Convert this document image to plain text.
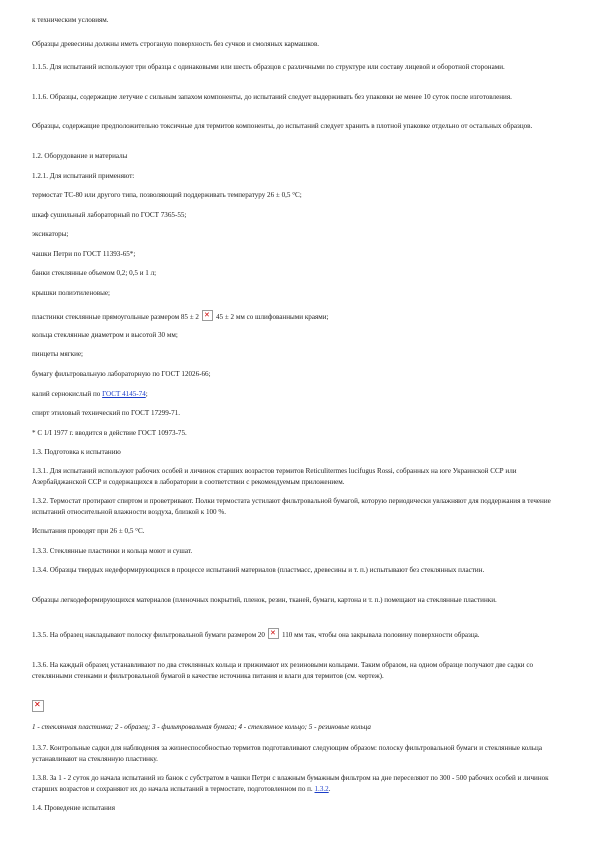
к техническим условиям.

Образцы древесины должны иметь строганую поверхность без сучков и смоляных кармашков.

1.1.5. Для испытаний используют три образца с одинаковыми или шесть образцов с различными по структуре или составу лицевой и оборотной сторонами.

1.1.6. Образцы, содержащие летучие с сильным запахом компоненты, до испытаний следует выдерживать без упаковки не менее 10 суток после изготовления.

Образцы, содержащие предположительно токсичные для термитов компоненты, до испытаний следует хранить в плотной упаковке отдельно от остальных образцов.

1.2. Оборудование и материалы

1.2.1. Для испытаний применяют:

термостат ТС-80 или другого типа, позволяющий поддерживать температуру 26 ± 0,5 °С;

шкаф сушильный лабораторный по ГОСТ 7365-55;

эксикаторы;

чашки Петри по ГОСТ 11393-65*;

банки стеклянные объемом 0,2; 0,5 и 1 л;

крышки полиэтиленовые;

пластинки стеклянные прямоугольные размером 85 ± 2 ✕ 45 ± 2 мм со шлифованными краями;

кольца стеклянные диаметром и высотой 30 мм;

пинцеты мягкие;

бумагу фильтровальную лабораторную по ГОСТ 12026-66;

калий сернокислый по ГОСТ 4145-74;

спирт этиловый технический по ГОСТ 17299-71.

* С 1/I 1977 г. вводится в действие ГОСТ 10973-75.

1.3. Подготовка к испытанию

1.3.1. Для испытаний используют рабочих особей и личинок старших возрастов термитов Reticulitermes lucifugus Rossi, собранных на юге Украинской ССР или Азербайджанской ССР и содержащихся в лаборатории в соответствии с рекомендуемым приложением.

1.3.2. Термостат протирают спиртом и проветривают. Полки термостата устилают фильтровальной бумагой, которую периодически увлажняют для поддержания в течение испытаний относительной влажности воздуха, близкой к 100 %.

Испытания проводят при 26 ± 0,5 °С.

1.3.3. Стеклянные пластинки и кольца моют и сушат.

1.3.4. Образцы твердых недеформирующихся в процессе испытаний материалов (пластмасс, древесины и т. п.) испытывают без стеклянных пластин.

Образцы легкодеформирующихся материалов (пленочных покрытий, пленок, резин, тканей, бумаги, картона и т. п.) помещают на стеклянные пластинки.

1.3.5. На образец накладывают полоску фильтровальной бумаги размером 20 ✕ 110 мм так, чтобы она закрывала половину поверхности образца.

1.3.6. На каждый образец устанавливают по два стеклянных кольца и прижимают их резиновыми кольцами. Таким образом, на одном образце получают две садки со стеклянными стенками и фильтровальной бумагой в качестве источника питания и влаги для термитов (см. чертеж).

✕

1 - стеклянная пластинка; 2 - образец; 3 - фильтровальная бумага; 4 - стеклянное кольцо; 5 - резиновые кольца

1.3.7. Контрольные садки для наблюдения за жизнеспособностью термитов подготавливают следующим образом: полоску фильтровальной бумаги и стеклянные кольца устанавливают на стеклянную пластинку.

1.3.8. За 1 - 2 суток до начала испытаний из банок с субстратом в чашки Петри с влажным бумажным фильтром на дне переселяют по 300 - 500 рабочих особей и личинок старших возрастов и сохраняют их до начала испытаний в термостате, подготовленном по п. 1.3.2.

1.4. Проведение испытания
